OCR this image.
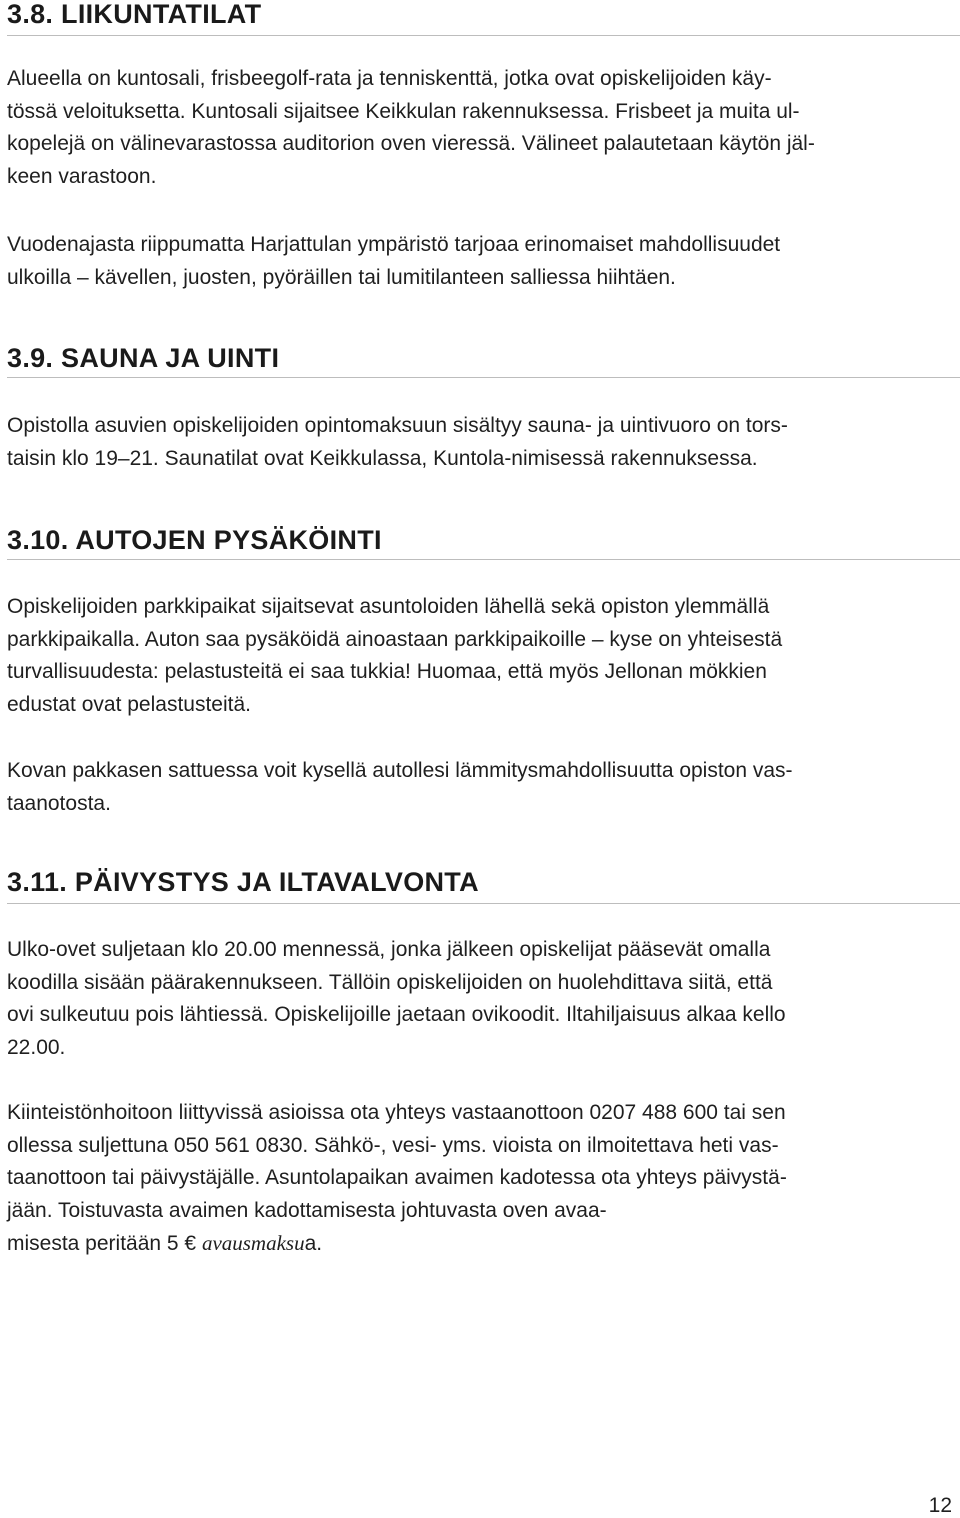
3.8. LIIKUNTATILAT

Alueella on kuntosali, frisbeegolf-rata ja tenniskenttä, jotka ovat opiskelijoiden käy-

tössä veloituksetta. Kuntosali sijaitsee Keikkulan rakennuksessa. Frisbeet ja muita ul-

kopelejä on välinevarastossa auditorion oven vieressä. Välineet palautetaan käytön jäl-

keen varastoon.

Vuodenajasta riippumatta Harjattulan ympäristö tarjoaa erinomaiset mahdollisuudet

ulkoilla – kävellen, juosten, pyöräillen tai lumitilanteen salliessa hiihtäen.

3.9. SAUNA JA UINTI

Opistolla asuvien opiskelijoiden opintomaksuun sisältyy sauna- ja uintivuoro on tors-

taisin klo 19–21. Saunatilat ovat Keikkulassa, Kuntola-nimisessä rakennuksessa.

3.10. AUTOJEN PYSÄKÖINTI

Opiskelijoiden parkkipaikat sijaitsevat asuntoloiden lähellä sekä opiston ylemmällä

parkkipaikalla. Auton saa pysäköidä ainoastaan parkkipaikoille – kyse on yhteisestä

turvallisuudesta: pelastusteitä ei saa tukkia! Huomaa, että myös Jellonan mökkien

edustat ovat pelastusteitä.

Kovan pakkasen sattuessa voit kysellä autollesi lämmitysmahdollisuutta opiston vas-

taanotosta.

3.11. PÄIVYSTYS JA ILTAVALVONTA

Ulko-ovet suljetaan klo 20.00 mennessä, jonka jälkeen opiskelijat pääsevät omalla

koodilla sisään päärakennukseen. Tällöin opiskelijoiden on huolehdittava siitä, että

ovi sulkeutuu pois lähtiessä. Opiskelijoille jaetaan ovikoodit. Iltahiljaisuus alkaa kello

22.00.

Kiinteistönhoitoon liittyvissä asioissa ota yhteys vastaanottoon 0207 488 600 tai sen

ollessa suljettuna 050 561 0830. Sähkö-, vesi- yms. vioista on ilmoitettava heti vas-

taanottoon tai päivystäjälle. Asuntolapaikan avaimen kadotessa ota yhteys päivystä-

jään. Toistuvasta avaimen kadottamisesta johtuvasta oven avaa-

misesta peritään 5 € avausmaksua.

12
